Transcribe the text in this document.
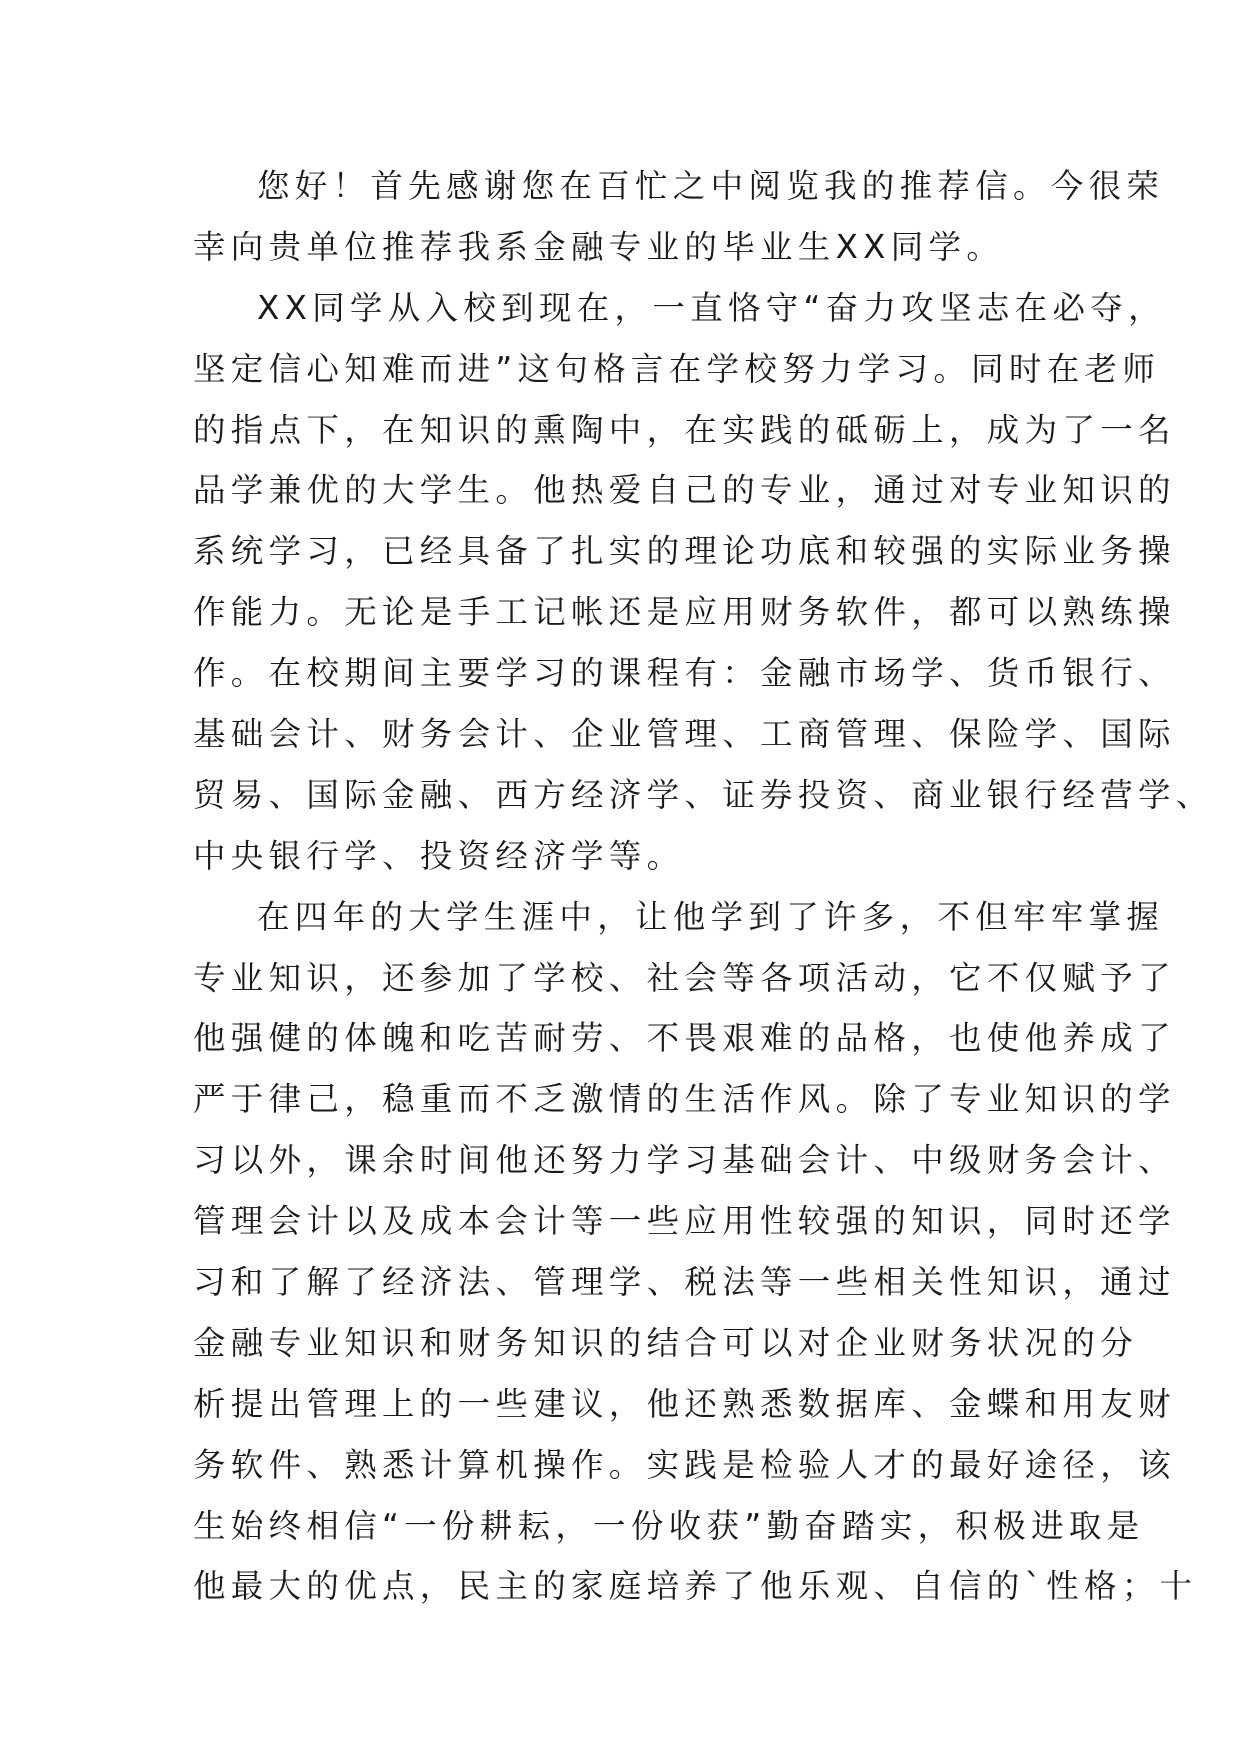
您好！首先感谢您在百忙之中阅览我的推荐信。今很荣
幸向贵单位推荐我系金融专业的毕业生XX同学。
XX同学从入校到现在，一直恪守“奋力攻坚志在必夺，
坚定信心知难而进”这句格言在学校努力学习。同时在老师
的指点下，在知识的熏陶中，在实践的砥砺上，成为了一名
品学兼优的大学生。他热爱自己的专业，通过对专业知识的
系统学习，已经具备了扎实的理论功底和较强的实际业务操
作能力。无论是手工记帐还是应用财务软件，都可以熟练操
作。在校期间主要学习的课程有：金融市场学、货币银行、
基础会计、财务会计、企业管理、工商管理、保险学、国际
贸易、国际金融、西方经济学、证券投资、商业银行经营学、
中央银行学、投资经济学等。
在四年的大学生涯中，让他学到了许多，不但牢牢掌握
专业知识，还参加了学校、社会等各项活动，它不仅赋予了
他强健的体魄和吃苦耐劳、不畏艰难的品格，也使他养成了
严于律己，稳重而不乏激情的生活作风。除了专业知识的学
习以外，课余时间他还努力学习基础会计、中级财务会计、
管理会计以及成本会计等一些应用性较强的知识，同时还学
习和了解了经济法、管理学、税法等一些相关性知识，通过
金融专业知识和财务知识的结合可以对企业财务状况的分
析提出管理上的一些建议，他还熟悉数据库、金蝶和用友财
务软件、熟悉计算机操作。实践是检验人才的最好途径，该
生始终相信“一份耕耘，一份收获”勤奋踏实，积极进取是
他最大的优点，民主的家庭培养了他乐观、自信的`性格；十
